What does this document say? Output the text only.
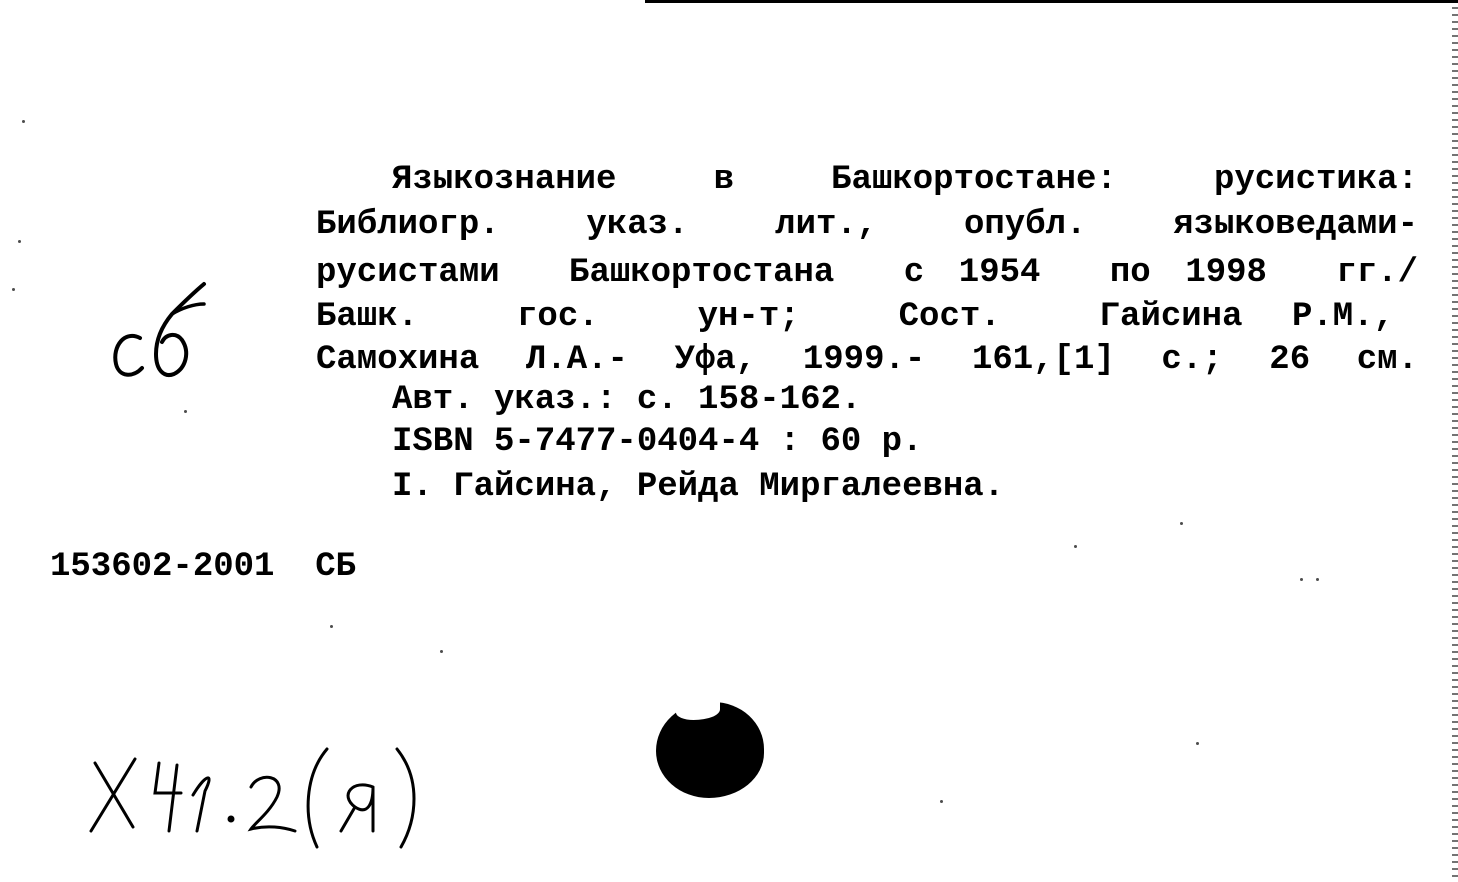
Языкознание  в  Башкортостане:  русистика:
Библиогр.  указ.  лит.,  опубл.  языковедами-
русистами  Башкортостана  с 1954  по 1998  гг./
Башк.  гос.  ун-т;  Сост.  Гайсина Р.М.,
Самохина Л.А.- Уфа, 1999.- 161,[1] с.; 26 см.
Авт. указ.: с. 158-162.
ISBN 5-7477-0404-4 : 60 р.
I. Гайсина, Рейда Миргалеевна.
153602-2001  СБ
